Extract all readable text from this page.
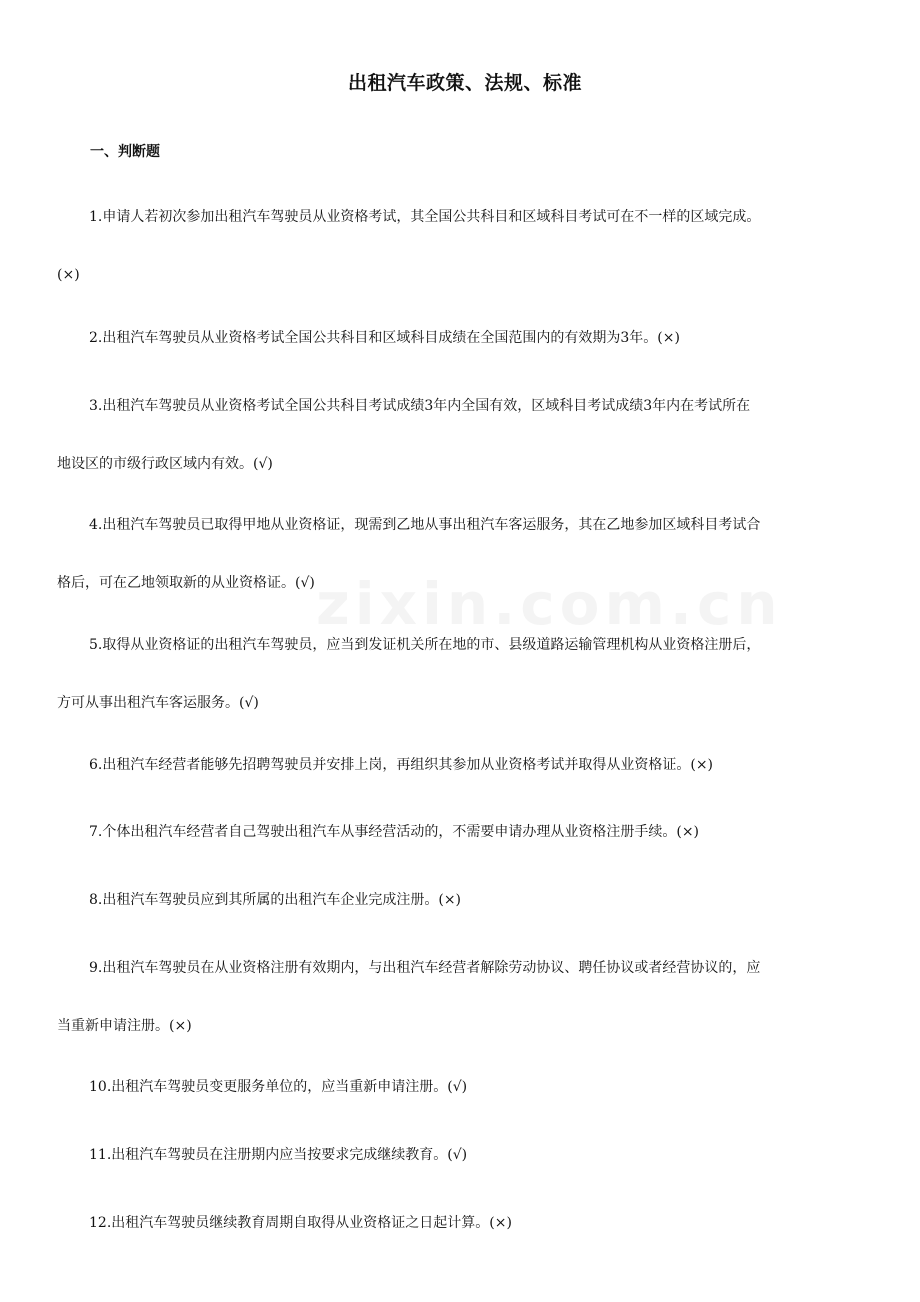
zixin.com.cn
出租汽车政策、法规、标准
一、判断题
1.申请人若初次参加出租汽车驾驶员从业资格考试，其全国公共科目和区域科目考试可在不一样的区域完成。
(×)
2.出租汽车驾驶员从业资格考试全国公共科目和区域科目成绩在全国范围内的有效期为3年。(×)
3.出租汽车驾驶员从业资格考试全国公共科目考试成绩3年内全国有效，区域科目考试成绩3年内在考试所在
地设区的市级行政区域内有效。(√)
4.出租汽车驾驶员已取得甲地从业资格证，现需到乙地从事出租汽车客运服务，其在乙地参加区域科目考试合
格后，可在乙地领取新的从业资格证。(√)
5.取得从业资格证的出租汽车驾驶员，应当到发证机关所在地的市、县级道路运输管理机构从业资格注册后，
方可从事出租汽车客运服务。(√)
6.出租汽车经营者能够先招聘驾驶员并安排上岗，再组织其参加从业资格考试并取得从业资格证。(×)
7.个体出租汽车经营者自己驾驶出租汽车从事经营活动的，不需要申请办理从业资格注册手续。(×)
8.出租汽车驾驶员应到其所属的出租汽车企业完成注册。(×)
9.出租汽车驾驶员在从业资格注册有效期内，与出租汽车经营者解除劳动协议、聘任协议或者经营协议的，应
当重新申请注册。(×)
10.出租汽车驾驶员变更服务单位的，应当重新申请注册。(√)
11.出租汽车驾驶员在注册期内应当按要求完成继续教育。(√)
12.出租汽车驾驶员继续教育周期自取得从业资格证之日起计算。(×)
